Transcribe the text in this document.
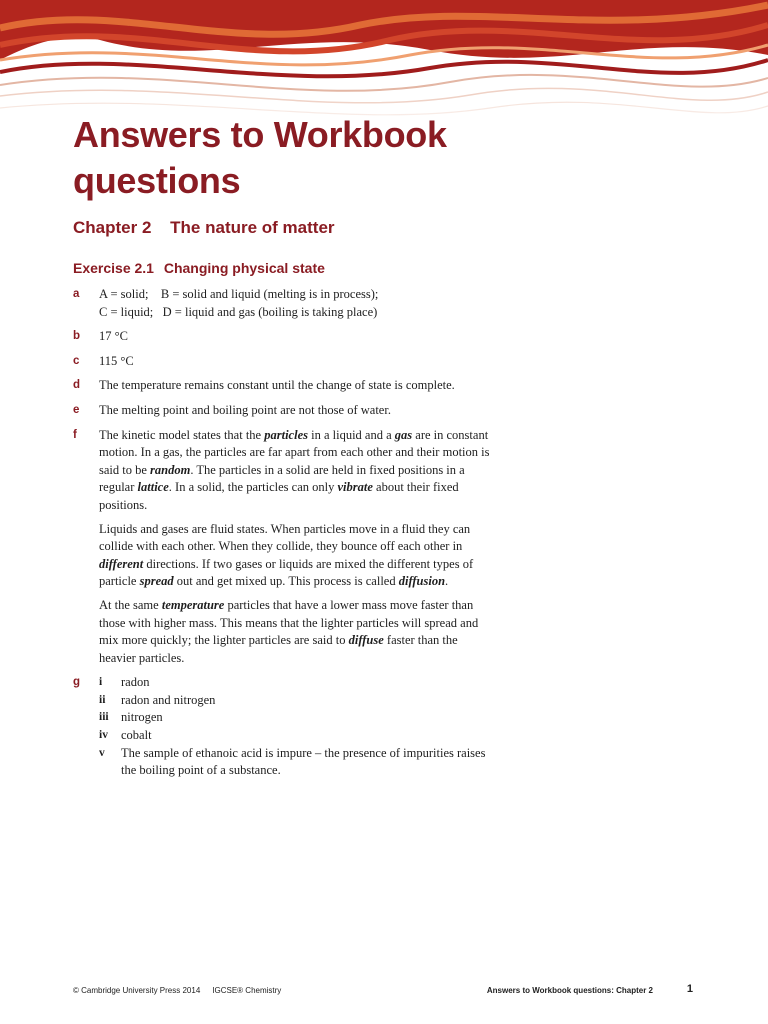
Answers to Workbook
questions
Chapter 2 The nature of matter
Exercise 2.1 Changing physical state
a A = solid;    B = solid and liquid (melting is in process);
C = liquid;   D = liquid and gas (boiling is taking place)
b 17 °C
c 115 °C
d The temperature remains constant until the change of state is complete.
e The melting point and boiling point are not those of water.
f The kinetic model states that the particles in a liquid and a gas are in constant motion. In a gas, the particles are far apart from each other and their motion is said to be random. The particles in a solid are held in fixed positions in a regular lattice. In a solid, the particles can only vibrate about their fixed positions.

Liquids and gases are fluid states. When particles move in a fluid they can collide with each other. When they collide, they bounce off each other in different directions. If two gases or liquids are mixed the different types of particle spread out and get mixed up. This process is called diffusion.

At the same temperature particles that have a lower mass move faster than those with higher mass. This means that the lighter particles will spread and mix more quickly; the lighter particles are said to diffuse faster than the heavier particles.

g i radon
ii radon and nitrogen
iii nitrogen
iv cobalt
v The sample of ethanoic acid is impure – the presence of impurities raises the boiling point of a substance.
© Cambridge University Press 2014 IGCSE® Chemistry	Answers to Workbook questions: Chapter 2	1
